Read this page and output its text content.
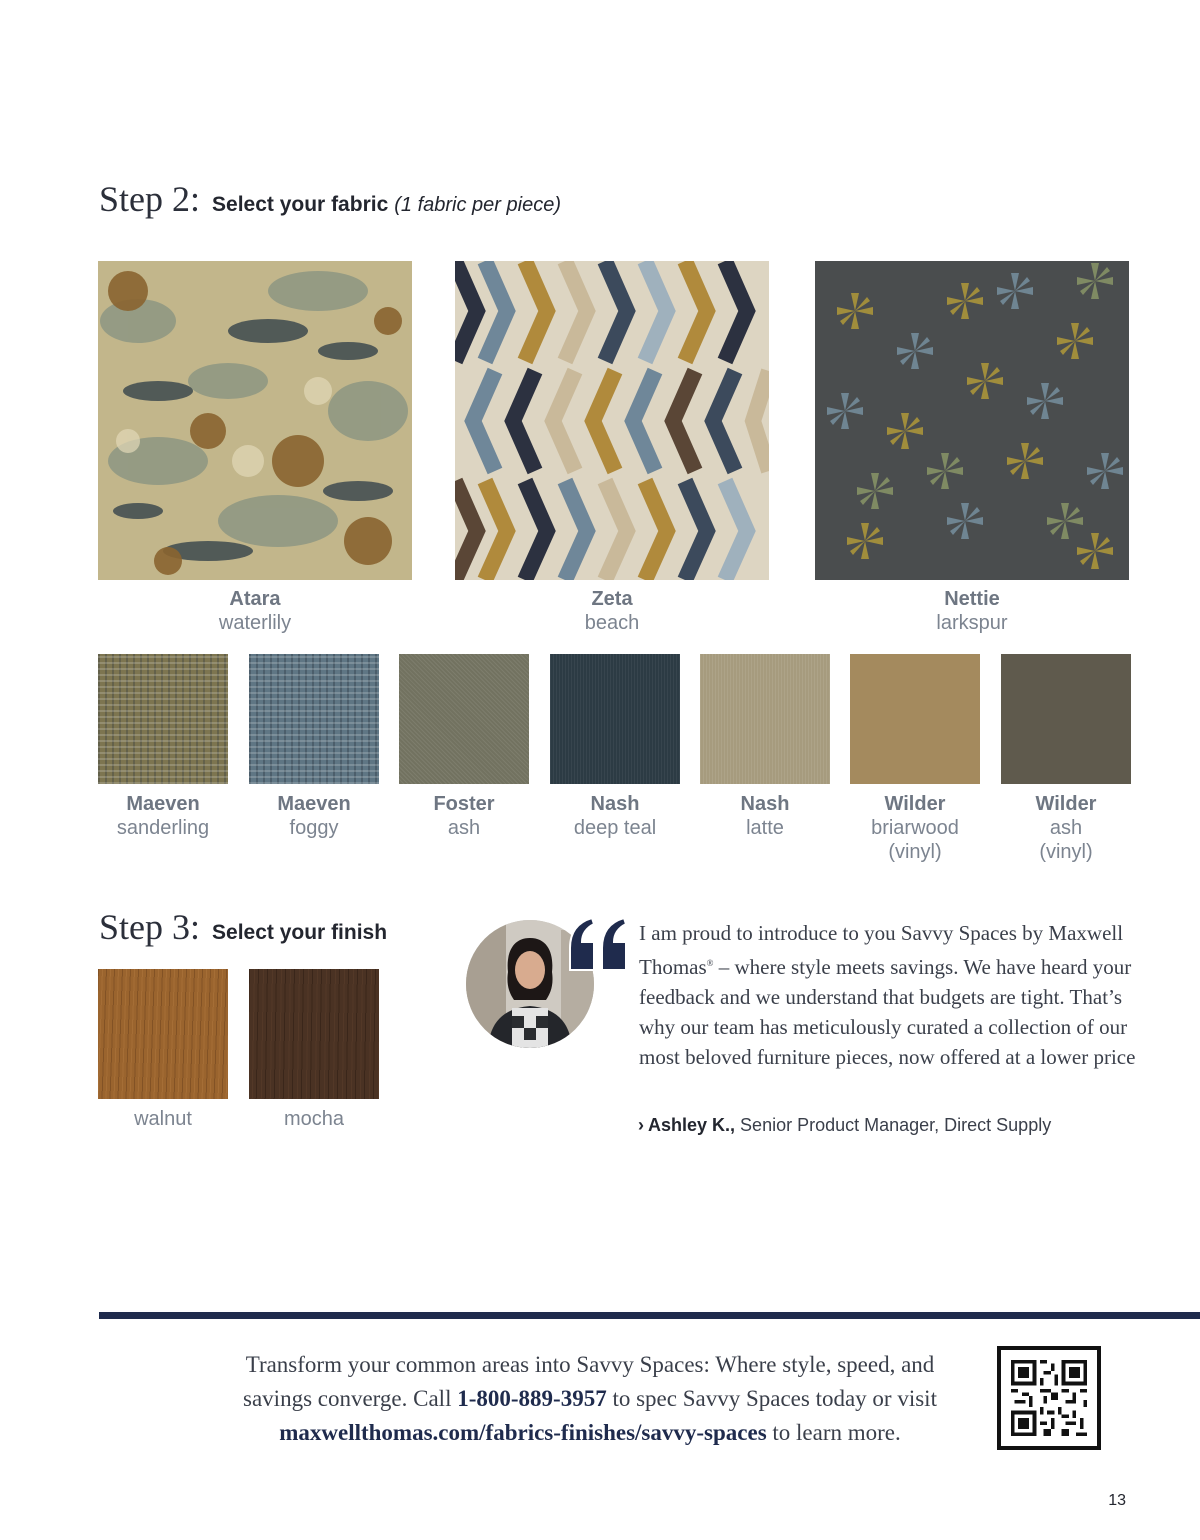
Step 2: Select your fabric (1 fabric per piece)
Atara
waterlily
Zeta
beach
Nettie
larkspur
Maeven
sanderling
Maeven
foggy
Foster
ash
Nash
deep teal
Nash
latte
Wilder
briarwood
(vinyl)
Wilder
ash
(vinyl)
Step 3: Select your finish
walnut	mocha
I am proud to introduce to you Savvy Spaces by Maxwell Thomas® – where style meets savings. We have heard your feedback and we understand that budgets are tight. That’s why our team has meticulously curated a collection of our most beloved furniture pieces, now offered at a lower price
› Ashley K., Senior Product Manager, Direct Supply
Transform your common areas into Savvy Spaces: Where style, speed, and savings converge. Call 1-800-889-3957 to spec Savvy Spaces today or visit maxwellthomas.com/fabrics-finishes/savvy-spaces to learn more.
13
